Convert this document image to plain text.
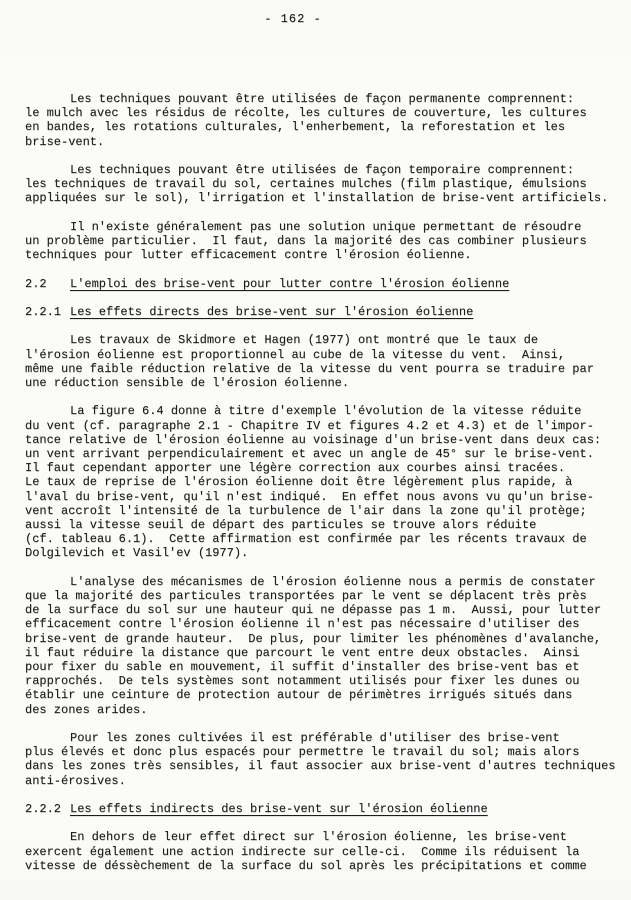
- 162 -
Les techniques pouvant être utilisées de façon permanente comprennent:
le mulch avec les résidus de récolte, les cultures de couverture, les cultures
en bandes, les rotations culturales, l'enherbement, la reforestation et les
brise-vent.
Les techniques pouvant être utilisées de façon temporaire comprennent:
les techniques de travail du sol, certaines mulches (film plastique, émulsions
appliquées sur le sol), l'irrigation et l'installation de brise-vent artificiels.
Il n'existe généralement pas une solution unique permettant de résoudre
un problème particulier.  Il faut, dans la majorité des cas combiner plusieurs
techniques pour lutter efficacement contre l'érosion éolienne.
2.2 L'emploi des brise-vent pour lutter contre l'érosion éolienne
2.2.1 Les effets directs des brise-vent sur l'érosion éolienne
Les travaux de Skidmore et Hagen (1977) ont montré que le taux de
l'érosion éolienne est proportionnel au cube de la vitesse du vent.  Ainsi,
même une faible réduction relative de la vitesse du vent pourra se traduire par
une réduction sensible de l'érosion éolienne.
La figure 6.4 donne à titre d'exemple l'évolution de la vitesse réduite
du vent (cf. paragraphe 2.1 - Chapitre IV et figures 4.2 et 4.3) et de l'impor-
tance relative de l'érosion éolienne au voisinage d'un brise-vent dans deux cas:
un vent arrivant perpendiculairement et avec un angle de 45° sur le brise-vent.
Il faut cependant apporter une légère correction aux courbes ainsi tracées.
Le taux de reprise de l'érosion éolienne doit être légèrement plus rapide, à
l'aval du brise-vent, qu'il n'est indiqué.  En effet nous avons vu qu'un brise-
vent accroît l'intensité de la turbulence de l'air dans la zone qu'il protège;
aussi la vitesse seuil de départ des particules se trouve alors réduite
(cf. tableau 6.1).  Cette affirmation est confirmée par les récents travaux de
Dolgilevich et Vasil'ev (1977).
L'analyse des mécanismes de l'érosion éolienne nous a permis de constater
que la majorité des particules transportées par le vent se déplacent très près
de la surface du sol sur une hauteur qui ne dépasse pas 1 m.  Aussi, pour lutter
efficacement contre l'érosion éolienne il n'est pas nécessaire d'utiliser des
brise-vent de grande hauteur.  De plus, pour limiter les phénomènes d'avalanche,
il faut réduire la distance que parcourt le vent entre deux obstacles.  Ainsi
pour fixer du sable en mouvement, il suffit d'installer des brise-vent bas et
rapprochés.  De tels systèmes sont notamment utilisés pour fixer les dunes ou
établir une ceinture de protection autour de périmètres irrigués situés dans
des zones arides.
Pour les zones cultivées il est préférable d'utiliser des brise-vent
plus élevés et donc plus espacés pour permettre le travail du sol; mais alors
dans les zones très sensibles, il faut associer aux brise-vent d'autres techniques
anti-érosives.
2.2.2 Les effets indirects des brise-vent sur l'érosion éolienne
En dehors de leur effet direct sur l'érosion éolienne, les brise-vent
exercent également une action indirecte sur celle-ci.  Comme ils réduisent la
vitesse de déssèchement de la surface du sol après les précipitations et comme
